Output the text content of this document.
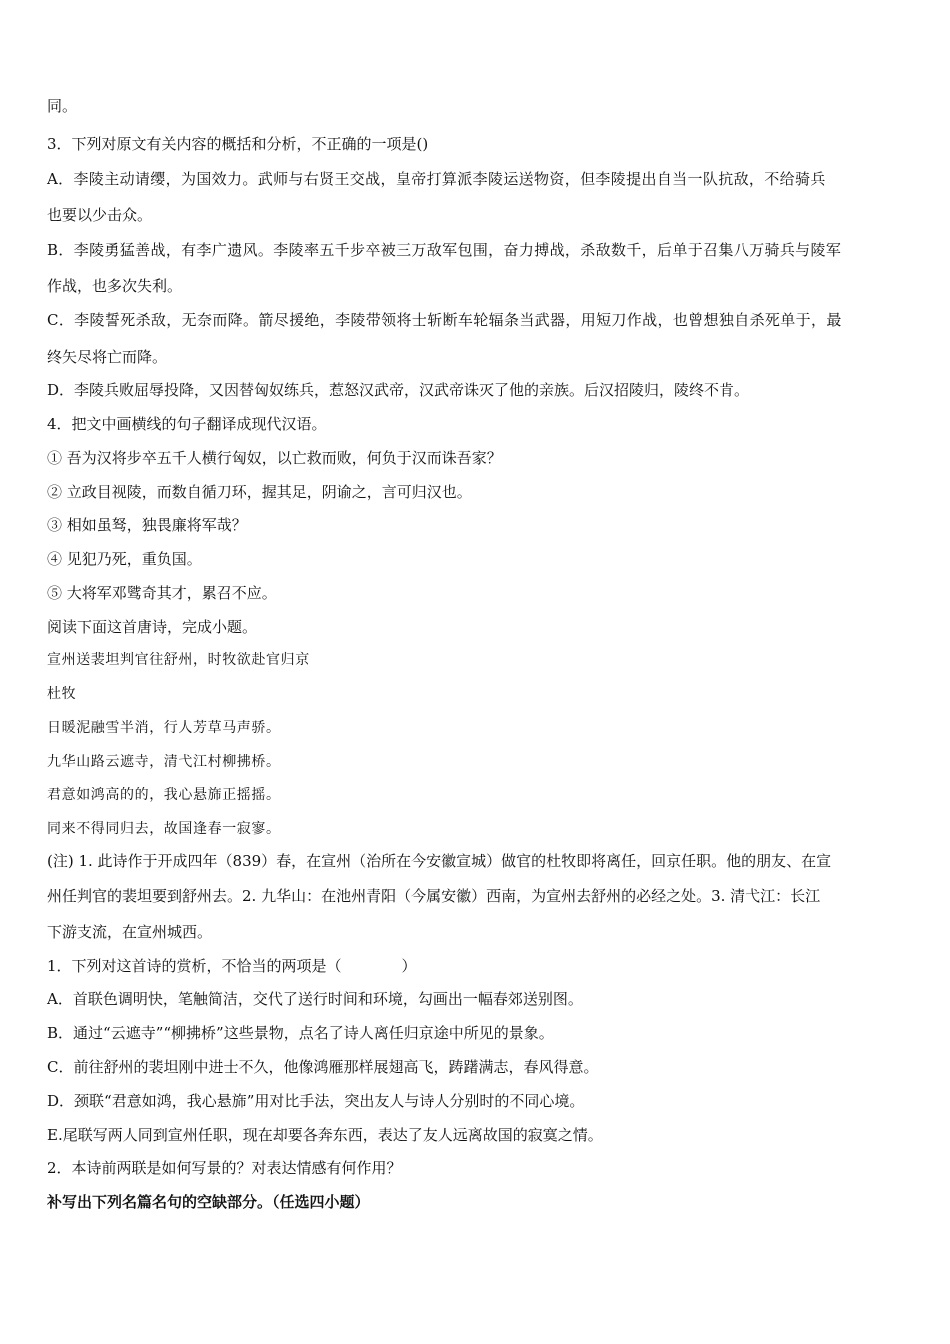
同。
3．下列对原文有关内容的概括和分析，不正确的一项是()
A．李陵主动请缨，为国效力。武师与右贤王交战，皇帝打算派李陵运送物资，但李陵提出自当一队抗敌，不给骑兵
也要以少击众。
B．李陵勇猛善战，有李广遗风。李陵率五千步卒被三万敌军包围，奋力搏战，杀敌数千，后单于召集八万骑兵与陵军
作战，也多次失利。
C．李陵誓死杀敌，无奈而降。箭尽援绝，李陵带领将士斩断车轮辐条当武器，用短刀作战，也曾想独自杀死单于，最
终矢尽将亡而降。
D．李陵兵败屈辱投降，又因替匈奴练兵，惹怒汉武帝，汉武帝诛灭了他的亲族。后汉招陵归，陵终不肯。
4．把文中画横线的句子翻译成现代汉语。
① 吾为汉将步卒五千人横行匈奴，以亡救而败，何负于汉而诛吾家？
② 立政目视陵，而数自循刀环，握其足，阴谕之，言可归汉也。
③ 相如虽驽，独畏廉将军哉？
④ 见犯乃死，重负国。
⑤ 大将军邓骘奇其才，累召不应。
阅读下面这首唐诗，完成小题。
宣州送裴坦判官往舒州，时牧欲赴官归京
杜牧
日暖泥融雪半消，行人芳草马声骄。
九华山路云遮寺，清弋江村柳拂桥。
君意如鸿高的的，我心悬旆正摇摇。
同来不得同归去，故国逢春一寂寥。
(注) 1. 此诗作于开成四年（839）春，在宣州（治所在今安徽宣城）做官的杜牧即将离任，回京任职。他的朋友、在宣
州任判官的裴坦要到舒州去。2. 九华山：在池州青阳（今属安徽）西南，为宣州去舒州的必经之处。3. 清弋江：长江
下游支流，在宣州城西。
1．下列对这首诗的赏析，不恰当的两项是（　　　　）
A．首联色调明快，笔触简洁，交代了送行时间和环境，勾画出一幅春郊送别图。
B．通过“云遮寺”“柳拂桥”这些景物，点名了诗人离任归京途中所见的景象。
C．前往舒州的裴坦刚中进士不久，他像鸿雁那样展翅高飞，踌躇满志，春风得意。
D．颈联“君意如鸿，我心悬旆”用对比手法，突出友人与诗人分别时的不同心境。
E.尾联写两人同到宣州任职，现在却要各奔东西，表达了友人远离故国的寂寞之情。
2．本诗前两联是如何写景的？对表达情感有何作用？
补写出下列名篇名句的空缺部分。（任选四小题）
